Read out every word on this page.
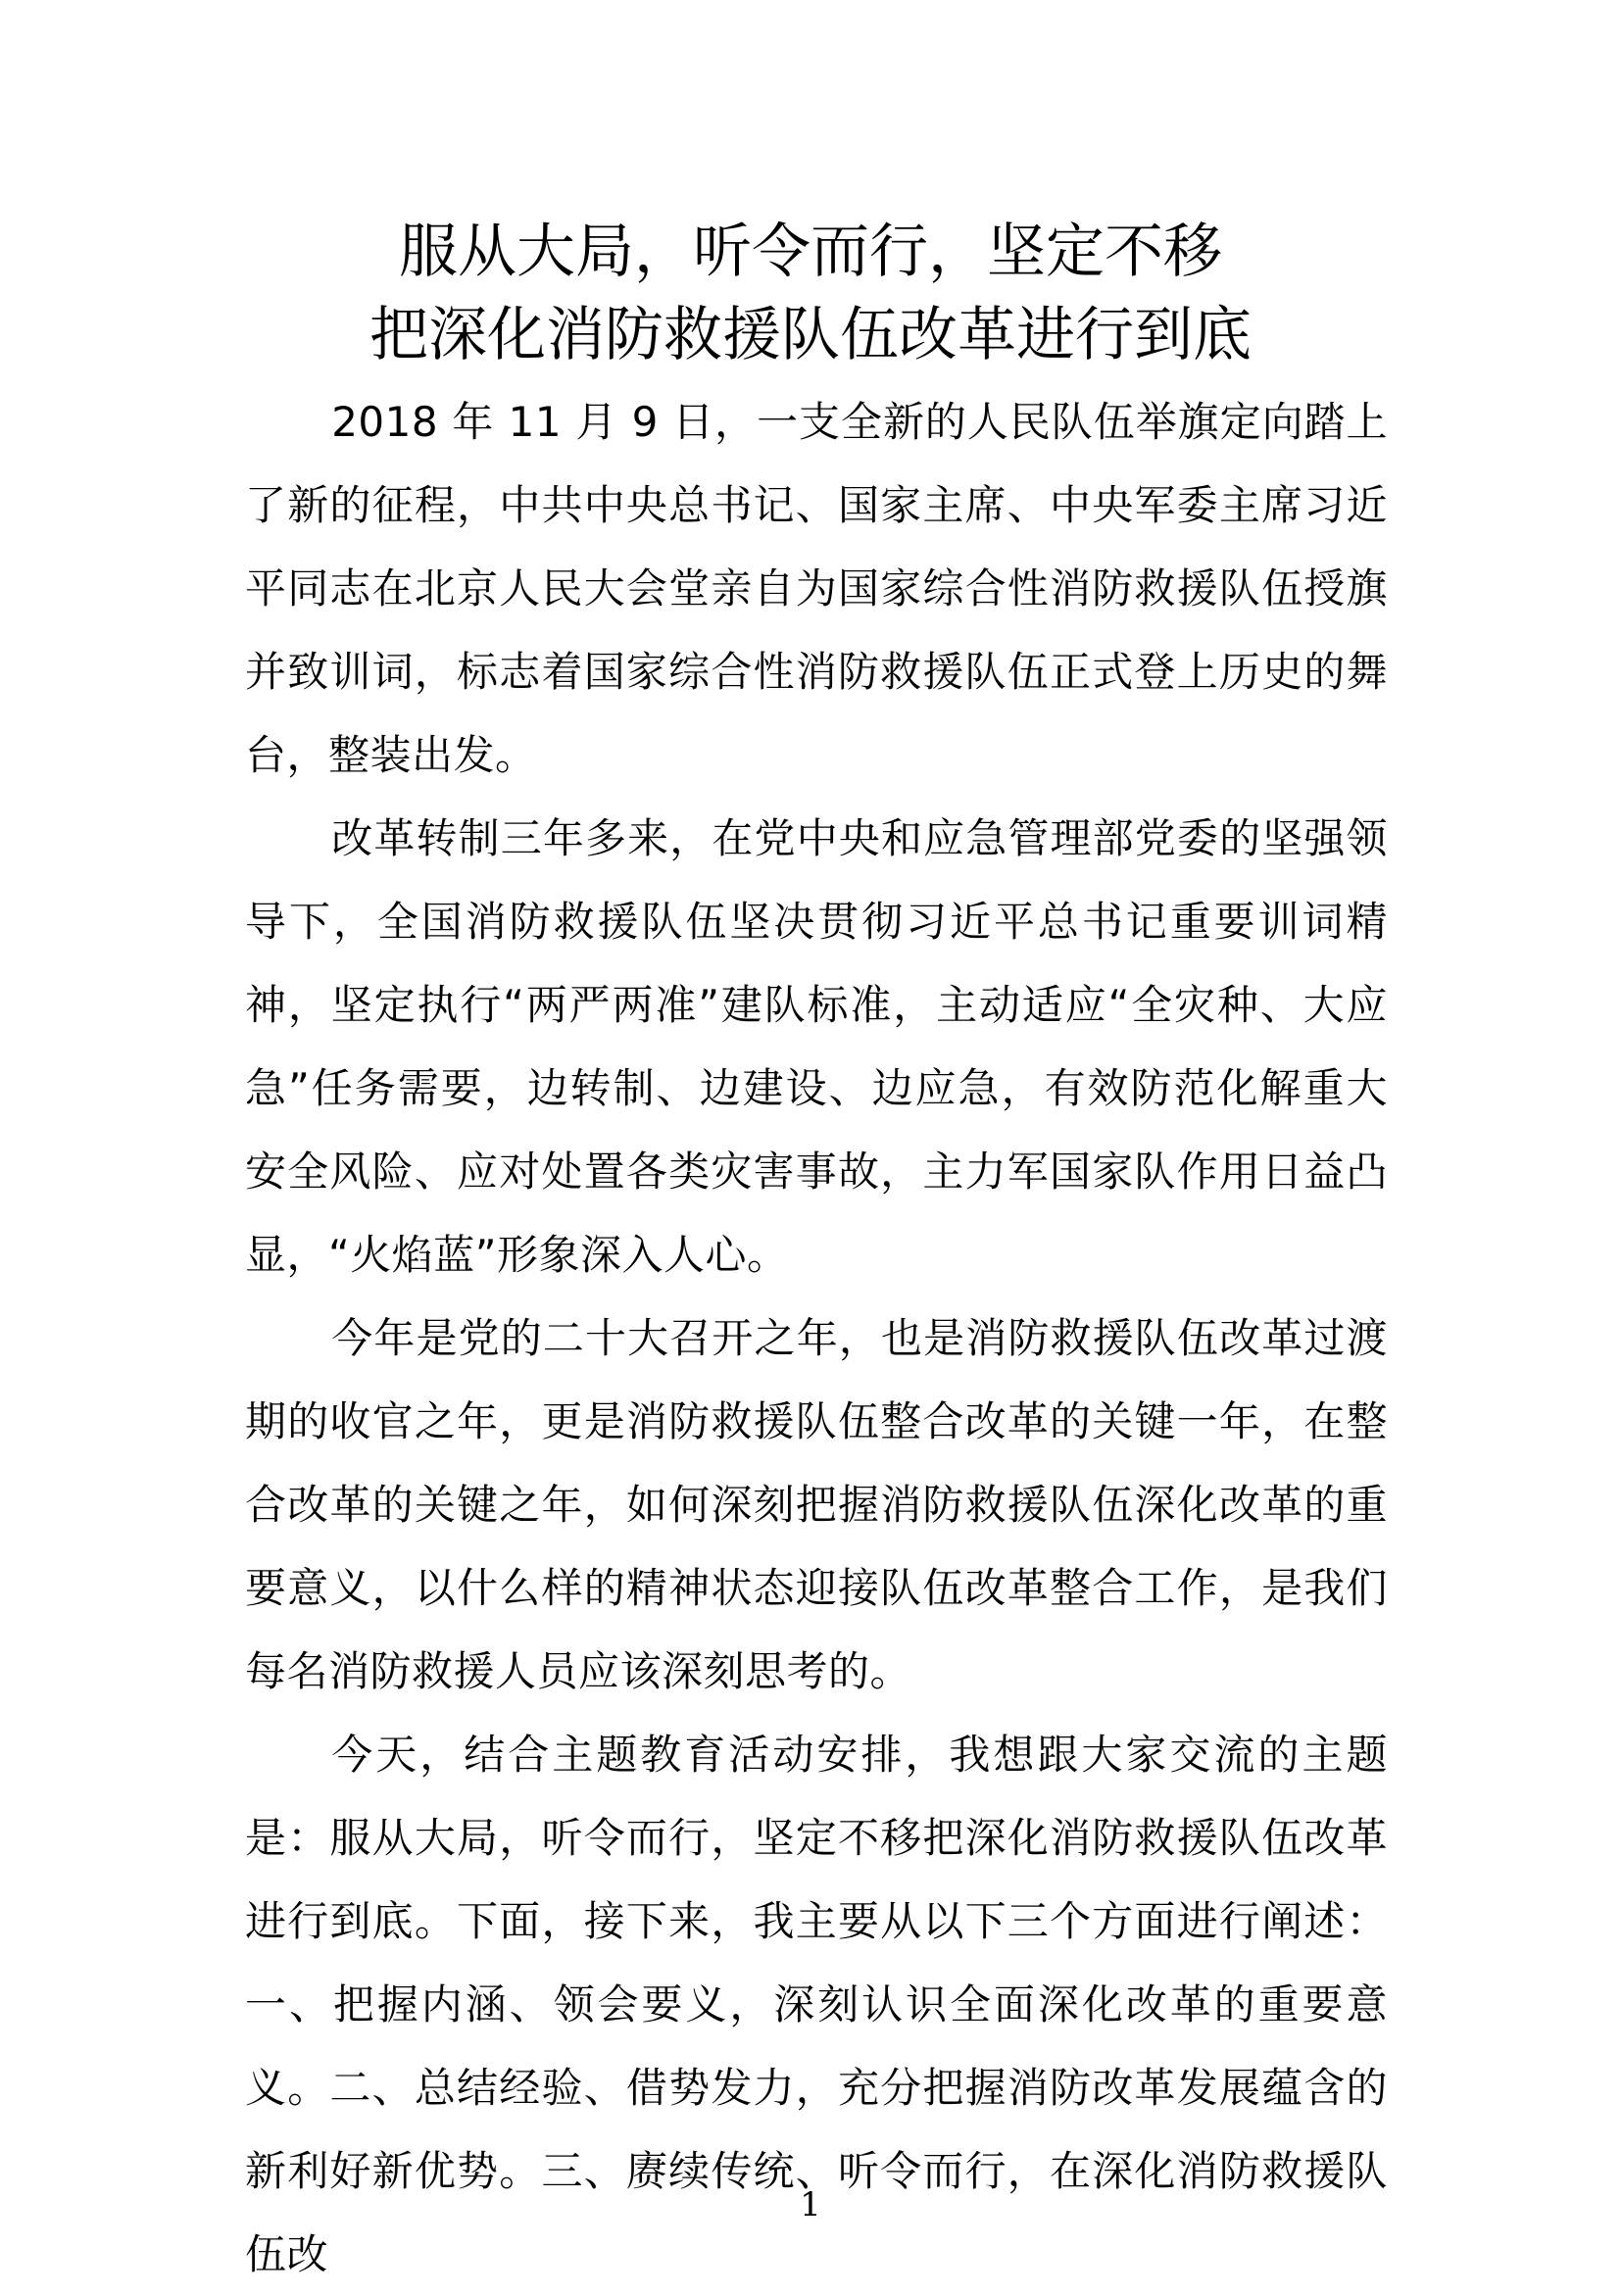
服从大局，听令而行，坚定不移

把深化消防救援队伍改革进行到底

2018 年 11 月 9 日，一支全新的人民队伍举旗定向踏上了新的征程，中共中央总书记、国家主席、中央军委主席习近平同志在北京人民大会堂亲自为国家综合性消防救援队伍授旗并致训词，标志着国家综合性消防救援队伍正式登上历史的舞台，整装出发。

改革转制三年多来，在党中央和应急管理部党委的坚强领导下，全国消防救援队伍坚决贯彻习近平总书记重要训词精神，坚定执行“两严两准”建队标准，主动适应“全灾种、大应急”任务需要，边转制、边建设、边应急，有效防范化解重大安全风险、应对处置各类灾害事故，主力军国家队作用日益凸显，“火焰蓝”形象深入人心。

今年是党的二十大召开之年，也是消防救援队伍改革过渡期的收官之年，更是消防救援队伍整合改革的关键一年，在整合改革的关键之年，如何深刻把握消防救援队伍深化改革的重要意义，以什么样的精神状态迎接队伍改革整合工作，是我们每名消防救援人员应该深刻思考的。

今天，结合主题教育活动安排，我想跟大家交流的主题是：服从大局，听令而行，坚定不移把深化消防救援队伍改革进行到底。下面，接下来，我主要从以下三个方面进行阐述：一、把握内涵、领会要义，深刻认识全面深化改革的重要意义。二、总结经验、借势发力，充分把握消防改革发展蕴含的新利好新优势。三、赓续传统、听令而行，在深化消防救援队伍改

1
